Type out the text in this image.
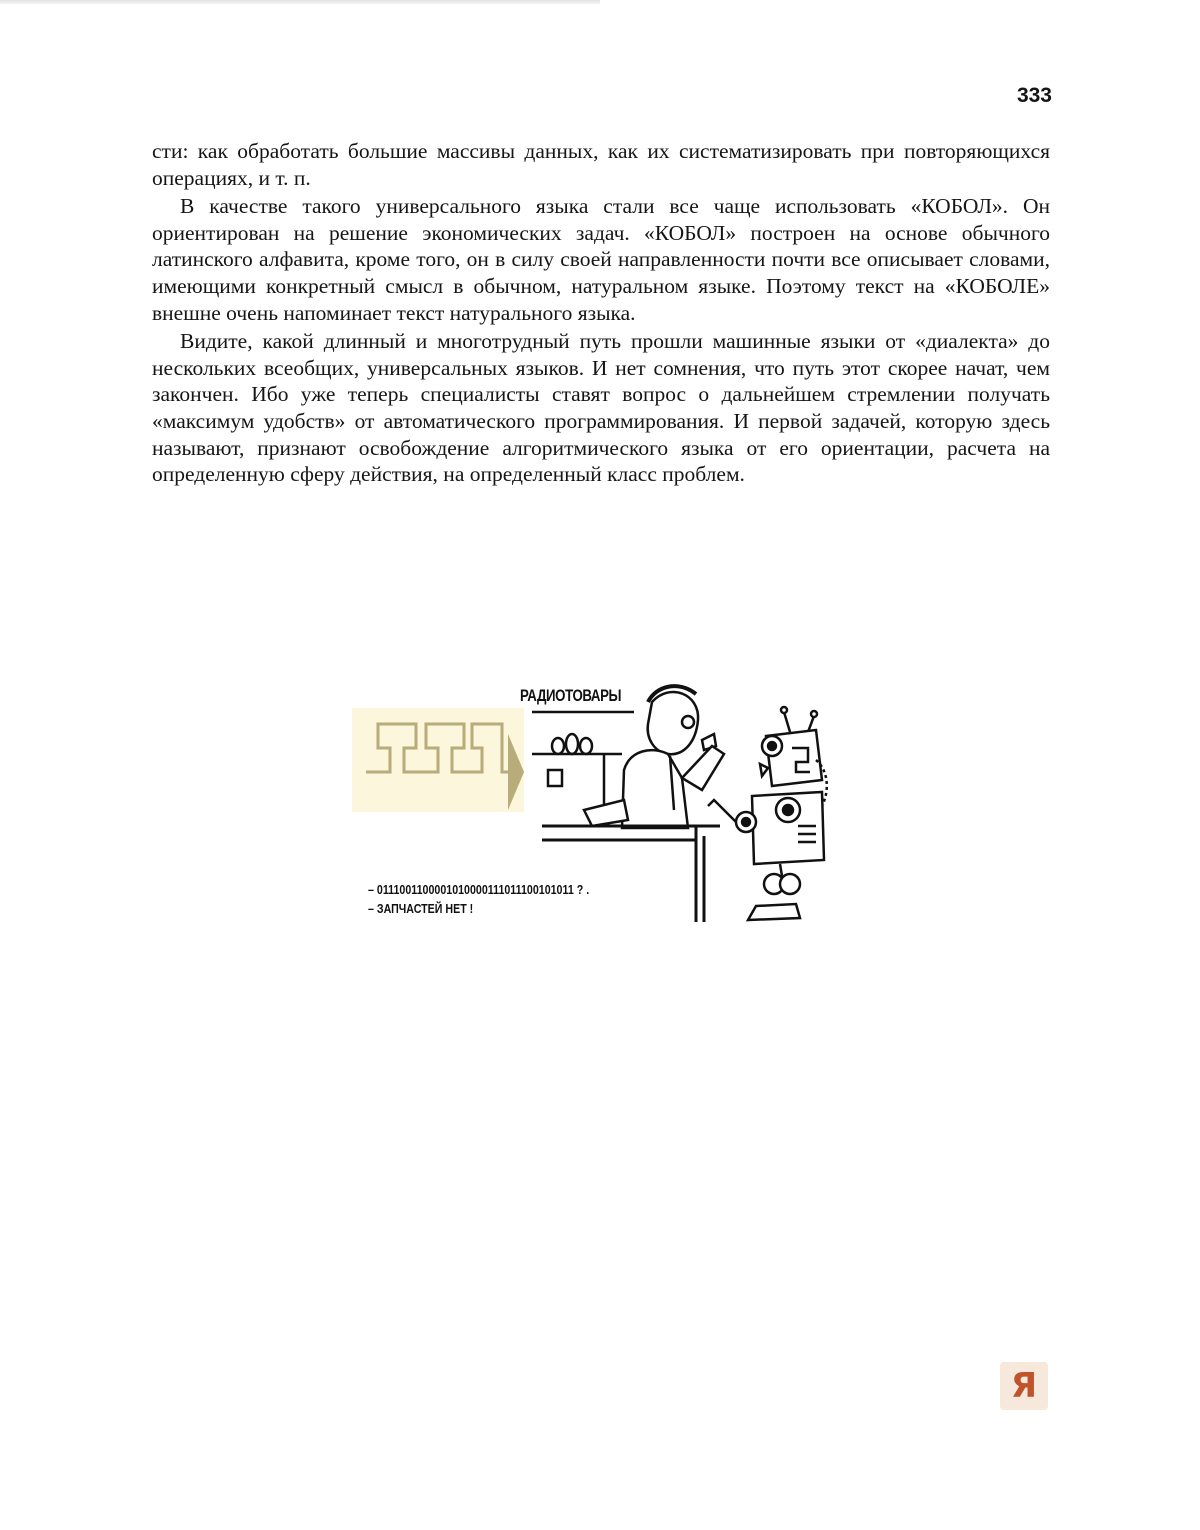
333

сти: как обработать большие массивы данных, как их систематизировать при повторяющихся операциях, и т. п.

В качестве такого универсального языка стали все чаще использовать «КОБОЛ». Он ориентирован на решение экономических задач. «КОБОЛ» построен на основе обычного латинского алфавита, кроме того, он в силу своей направленности почти все описывает словами, имеющими конкретный смысл в обычном, натуральном языке. Поэтому текст на «КОБОЛЕ» внешне очень напоминает текст натурального языка.

Видите, какой длинный и многотрудный путь прошли машинные языки от «диалекта» до нескольких всеобщих, универсальных языков. И нет сомнения, что путь этот скорее начат, чем закончен. Ибо уже теперь специалисты ставят вопрос о дальнейшем стремлении получать «максимум удобств» от автоматического программирования. И первой задачей, которую здесь называют, признают освобождение алгоритмического языка от его ориентации, расчета на определенную сферу действия, на определенный класс проблем.

РАДИОТОВАРЫ
– 0111001100001010000111011100101011 ? .
– ЗАПЧАСТЕЙ НЕТ !
Я
